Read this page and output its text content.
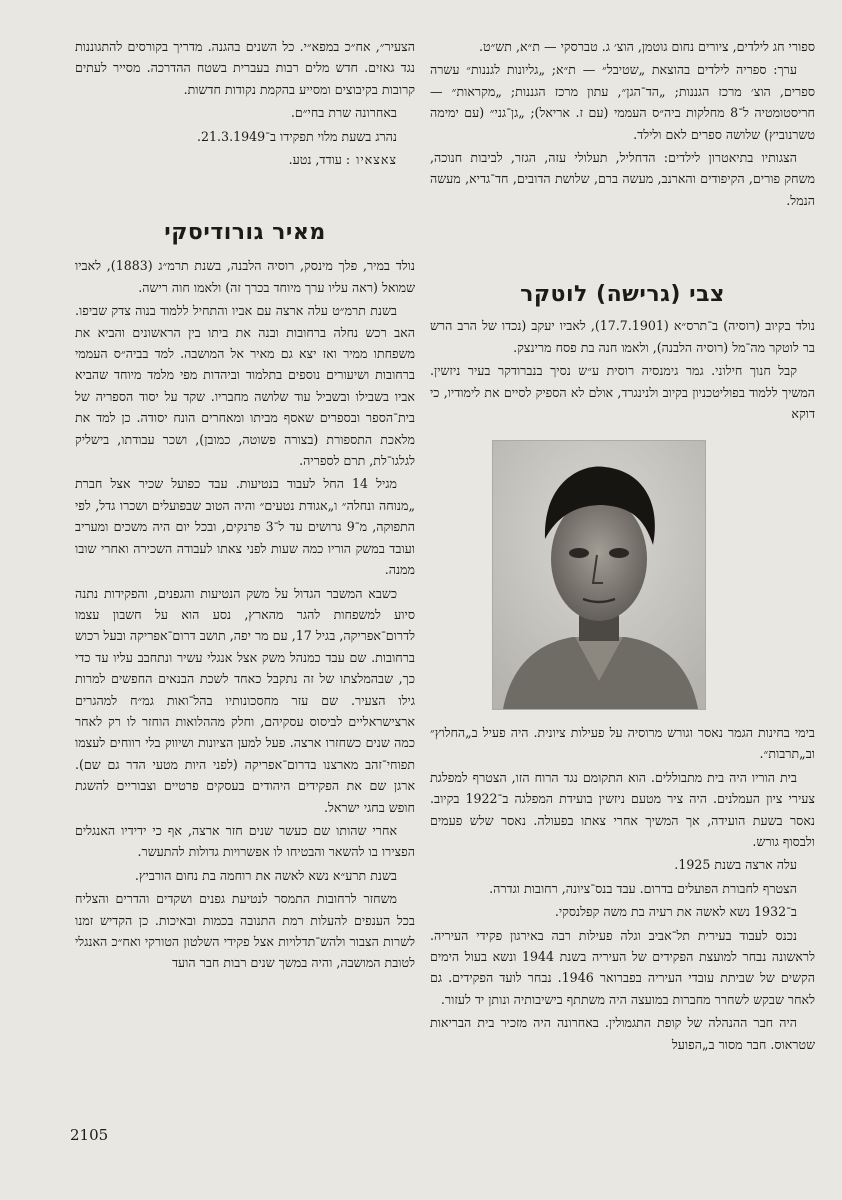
ספורי חג לילדים, ציורים נחום גוטמן, הוצ׳ ג. טברסקי — ת״א, תש״ט.

ערך: ספריה לילדים בהוצאת „שטיבל״ — ת״א; „גליונות לגננות״ עשרה ספרים, הוצ׳ מרכז הגננות; „הד־הגן״, עתון מרכז הגננות; „מקראות״ — חריסטומטיה ל־8 מחלקות ביה״ס העממי (עם ז. אריאל); „גן־גני״ (עם ימימה טשרנוביץ) שלושה ספרים לאם ולילד.

הצגותיו בתיאטרון לילדים: הדחליל, תעלולי עזה, הגזר, לביבות חנוכה, משחק פורים, הקיפודים והארנב, מעשה ברם, שלושת הדובים, חד־גדיא, מעשה הנמל.

צבי (גרישה) לוטקר

נולד בקיוב (רוסיה) ב־תרס״א (17.7.1901), לאביו יעקב (נכדו של הרב הרש בר לוטקר מה־מל (רוסיה הלבנה), ולאמו חנה בת פסח מרינצק.

קבל חנוך חילוני. גמר גימנסיה רוסית ע״ש נסיך בנברודקר בעיר ניזשין. המשיך ללמוד בפוליטכניון בקיוב ולנינגרד, אולם לא הספיק לסיים את לימודיו, כי דוקא

בימי בחינות הגמר נאסר וגורש מרוסיה על פעילות ציונית. היה פעיל ב„החלוץ״ וב„תרבות״.

בית הוריו היה בית מתבוללים. הוא התקומם נגד הרוח הזו, הצטרף למפלגת צעירי ציון העמלנים. היה ציר מטעם ניזשין בועידת המפלגה ב־1922 בקיוב. נאסר בשעת הועידה, אך המשיך אחרי צאתו בפעולה. נאסר שלש פעמים ולבסוף גורש.

עלה ארצה בשנת 1925.

הצטרף לחבורת הפועלים בדרום. עבד בנס־ציונה, רחובות וגדרה.

ב־1932 נשא לאשה את רעיה בת משה קפלנסקי.

נכנס לעבוד בעירית תל־אביב וגלה פעילות רבה באירגון פקידי העיריה. לראשונה נבחר למועצת הפקידים של העיריה בשנת 1944 ונשא בעול הימים הקשים של שביתת עובדי העיריה בפברואר 1946. נבחר לועד הפקידים. גם לאחר שבקש לשחרר מחברות במועצה היה משתתף בישיבותיה ונותן יד לעזור.

היה חבר ההנהלה של קופת התגמולין. באחרונה היה מזכיר בית הבריאות שטראוס. חבר מסור ב„הפועל

הצעיר״, אח״כ במפא״י. כל השנים בהגנה. מדריך בקורסים להתגוננות נגד גאזים. חדש מלים רבות בעברית בשטח ההדרכה. מסייר לעתים קרובות בקיבוצים ומסייע בהקמת נקודות חדשות.

באחרונה שרת בחי״ם.

נהרג בשעת מלוי תפקידו ב־21.3.1949.

צאצאיו : עודד, נטע.

מאיר גורודיסקי

נולד במיר, פלך מינסק, רוסיה הלבנה, בשנת תרמ״ג (1883), לאביו שמואל (ראה עליו ערך מיוחד בכרך זה) ולאמו חוה רישה.

בשנת תרמ״ט עלה ארצה עם אביו והתחיל ללמוד בנוה צדק שביפו. האב רכש נחלה ברחובות ובנה את ביתו בין הראשונים והביא את משפחתו ממיר ואז יצא גם מאיר אל המושבה. למד בביה״ס העממי ברחובות ושיעורים נוספים בתלמוד וביהדות מפי מלמד מיוחד שהביא אביו בשבילו ובשביל עוד שלושה מחבריו. שקד על יסוד הספריה של בית־הספר ובספרים שאסף מביתו ומאחרים הונח יסודה. כן למד את מלאכת התספורת (בצורה פשוטה, כמובן), ושכר עבודתו, בישליק לגלגו־לת, תרם לספריה.

מגיל 14 החל לעבוד בנטיעות. עבד כפועל שכיר אצל חברת „מנוחה ונחלה״ ו„אגודת נטעים״ והיה הטוב שבפועלים ושכרו גדל, לפי התפוקה, מ־9 גרושים עד ל־3 פרנקים, ובכל יום היה משכים ומעריב ועובד במשק הוריו כמה שעות לפני צאתו לעבודה השכירה ואחרי שובו ממנה.

כשבא המשבר הגדול על משק הנטיעות והגפנים, והפקידות נתנה סיוע למשפחות להגר מהארץ, נסע הוא על חשבון עצמו לדרום־אפריקה, בגיל 17, עם מר יפה, תושב דרום־אפריקה ובעל רכוש ברחובות. שם עבד כמנהל משק אצל אנגלי עשיר ונתחבב עליו עד כדי כך, שבהמלצתו של זה נתקבל כאחד לשכת הבנאים החפשים למרות גילו הצעיר. שם עזר מחסכונותיו בהל־ואות גמ״ח למהגרים ארצישראליים לביסוס עסקיהם, וחלק מההלואות הוחזר לו רק לאחר כמה שנים כשחזרו ארצה. פעל למען הציונות ושיווק בלי רווחים לעצמו תפוחי־זהב מארצנו בדרום־אפריקה (לפני היות מטעי הדר גם שם). ארגן שם את הפקידים היהודים בעסקים פרטיים וצבוריים להשגת חופש בחגי ישראל.

אחרי שהותו שם כעשר שנים חזר ארצה, אף כי ידידיו האנגלים הפצירו בו להשאר והבטיחו לו אפשרויות גדולות להתעשר.

בשנת תרע״א נשא לאשה את רוחמה בת נחום הורביץ.

משחזר לרחובות התמסר לנטיעת גפנים ושקדים והדרים והצליח בכל הענפים להעלות רמת התנובה בכמות ובאיכות. כן הקדיש זמנו לשרות הצבור ולהש־תדלויות אצל פקידי השלטון הטורקי ואח״כ האנגלי לטובת המושבה, והיה במשך שנים רבות חבר הועד

2105
